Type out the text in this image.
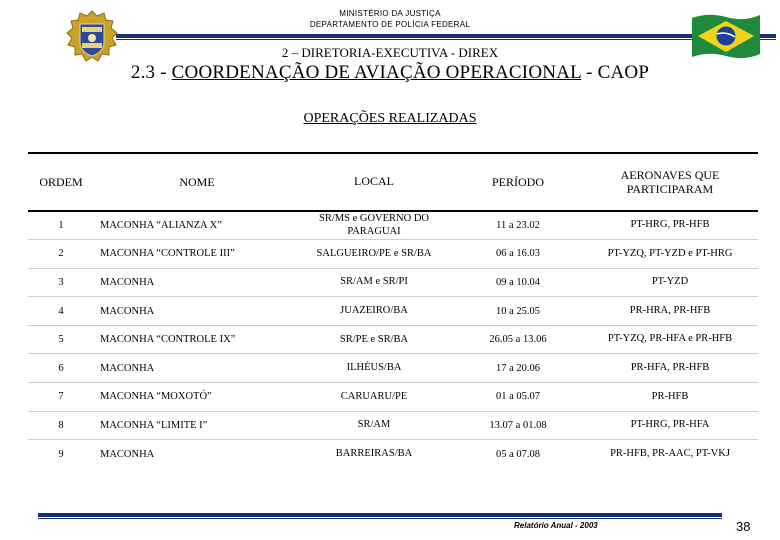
MINISTÉRIO DA JUSTIÇA
DEPARTAMENTO DE POLÍCIA FEDERAL
2 – DIRETORIA-EXECUTIVA - DIREX
2.3 - COORDENAÇÃO DE AVIAÇÃO OPERACIONAL - CAOP
OPERAÇÕES REALIZADAS
ORDEM	NOME	LOCAL	PERÍODO	AERONAVES QUE PARTICIPARAM
1	MACONHA “ALIANZA X”	SR/MS e GOVERNO DO PARAGUAI	11 a 23.02	PT-HRG, PR-HFB
2	MACONHA “CONTROLE III”	SALGUEIRO/PE e SR/BA	06 a 16.03	PT-YZQ, PT-YZD e PT-HRG
3	MACONHA	SR/AM e SR/PI	09 a 10.04	PT-YZD
4	MACONHA	JUAZEIRO/BA	10 a 25.05	PR-HRA, PR-HFB
5	MACONHA “CONTROLE IX”	SR/PE e SR/BA	26.05 a 13.06	PT-YZQ, PR-HFA e PR-HFB
6	MACONHA	ILHÉUS/BA	17 a 20.06	PR-HFA, PR-HFB
7	MACONHA “MOXOTÓ”	CARUARU/PE	01 a 05.07	PR-HFB
8	MACONHA “LIMITE I”	SR/AM	13.07 a 01.08	PT-HRG, PR-HFA
9	MACONHA	BARREIRAS/BA	05 a 07.08	PR-HFB, PR-AAC, PT-VKJ
Relatório Anual - 2003	38
